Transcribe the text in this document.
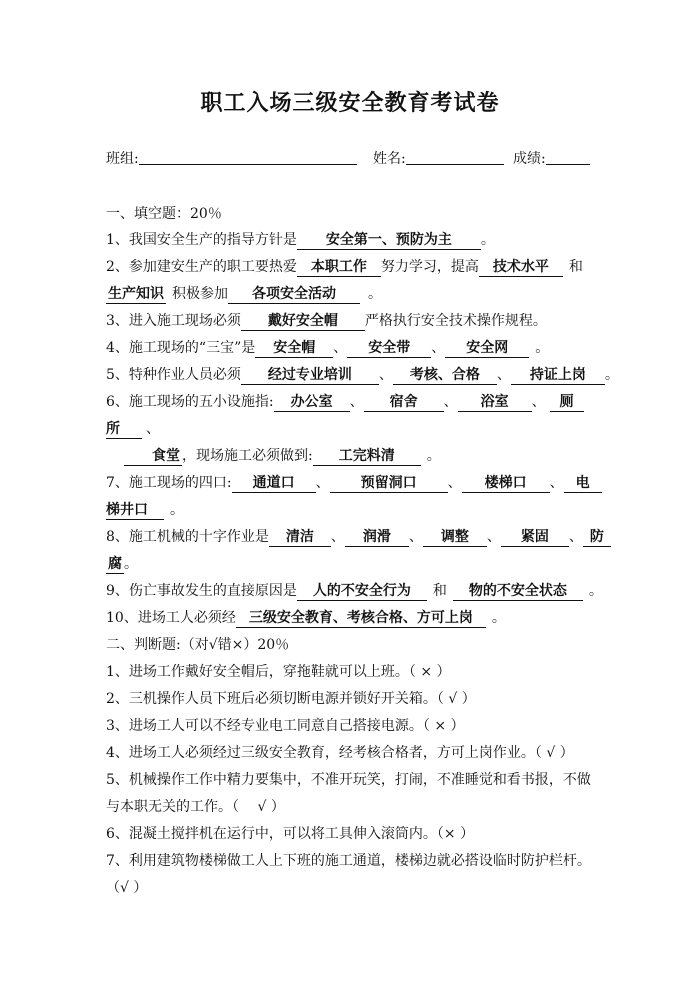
职工入场三级安全教育考试卷
班组:	姓名:	成绩:
一、填空题：20％
1、我国安全生产的指导方针是 安全第一、预防为主 。
2、参加建安生产的职工要热爱 本职工作 努力学习，提高 技术水平 和
生产知识 积极参加 各项安全活动 。
3、进入施工现场必须 戴好安全帽 严格执行安全技术操作规程。
4、施工现场的“三宝”是 安全帽 、 安全带 、 安全网 。
5、特种作业人员必须 经过专业培训 、 考核、合格 、 持证上岗 。
6、施工现场的五小设施指: 办公室 、 宿舍 、 浴室 、 厕
所 、
食堂 ，现场施工必须做到: 工完料清 。
7、施工现场的四口: 通道口 、 预留洞口 、 楼梯口 、 电
梯井口 。
8、施工机械的十字作业是 清洁 、 润滑 、 调整 、 紧固 、 防
腐 。
9、伤亡事故发生的直接原因是 人的不安全行为 和 物的不安全状态 。
10、进场工人必须经 三级安全教育、考核合格、方可上岗 。
二、判断题:（对√错×）20％
1、进场工作戴好安全帽后，穿拖鞋就可以上班。（ × ）
2、三机操作人员下班后必须切断电源并锁好开关箱。（ √ ）
3、进场工人可以不经专业电工同意自己搭接电源。（ × ）
4、进场工人必须经过三级安全教育，经考核合格者，方可上岗作业。（ √ ）
5、机械操作工作中精力要集中，不准开玩笑，打闹，不准睡觉和看书报，不做
与本职无关的工作。（　 √ ）
6、混凝土搅拌机在运行中，可以将工具伸入滚筒内。（× ）
7、利用建筑物楼梯做工人上下班的施工通道，楼梯边就必搭设临时防护栏杆。
（√ ）
